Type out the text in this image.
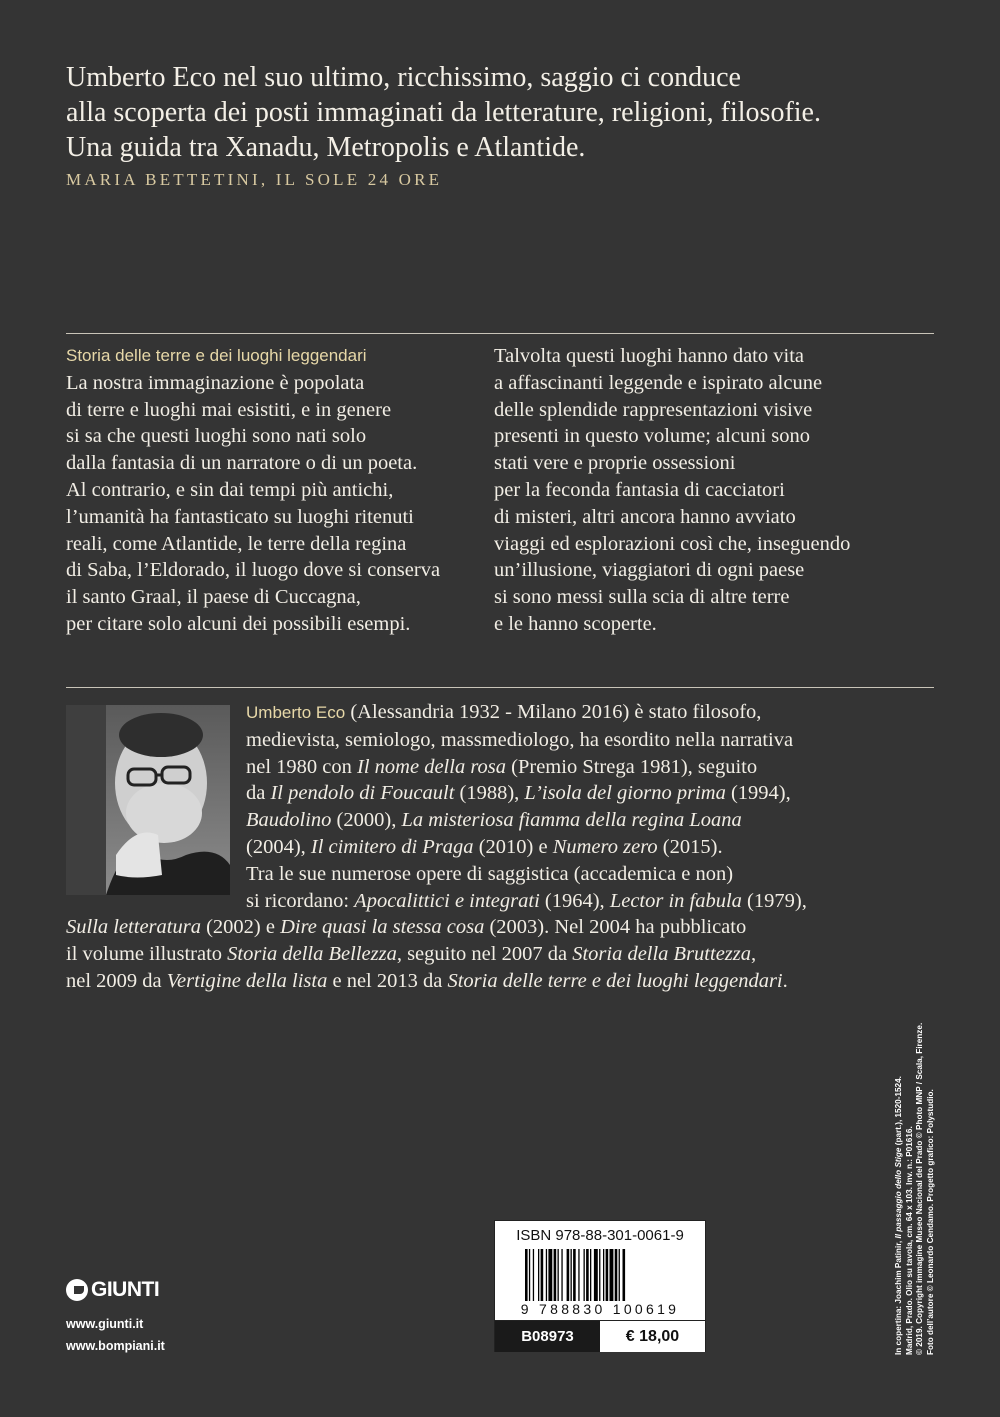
Umberto Eco nel suo ultimo, ricchissimo, saggio ci conduce
alla scoperta dei posti immaginati da letterature, religioni, filosofie.
Una guida tra Xanadu, Metropolis e Atlantide.
MARIA BETTETINI, IL SOLE 24 ORE
Storia delle terre e dei luoghi leggendari
La nostra immaginazione è popolata
di terre e luoghi mai esistiti, e in genere
si sa che questi luoghi sono nati solo
dalla fantasia di un narratore o di un poeta.
Al contrario, e sin dai tempi più antichi,
l’umanità ha fantasticato su luoghi ritenuti
reali, come Atlantide, le terre della regina
di Saba, l’Eldorado, il luogo dove si conserva
il santo Graal, il paese di Cuccagna,
per citare solo alcuni dei possibili esempi.
Talvolta questi luoghi hanno dato vita
a affascinanti leggende e ispirato alcune
delle splendide rappresentazioni visive
presenti in questo volume; alcuni sono
stati vere e proprie ossessioni
per la feconda fantasia di cacciatori
di misteri, altri ancora hanno avviato
viaggi ed esplorazioni così che, inseguendo
un’illusione, viaggiatori di ogni paese
si sono messi sulla scia di altre terre
e le hanno scoperte.
Umberto Eco (Alessandria 1932 - Milano 2016) è stato filosofo,
medievista, semiologo, massmediologo, ha esordito nella narrativa
nel 1980 con Il nome della rosa (Premio Strega 1981), seguito
da Il pendolo di Foucault (1988), L’isola del giorno prima (1994),
Baudolino (2000), La misteriosa fiamma della regina Loana
(2004), Il cimitero di Praga (2010) e Numero zero (2015).
Tra le sue numerose opere di saggistica (accademica e non)
si ricordano: Apocalittici e integrati (1964), Lector in fabula (1979),
Sulla letteratura (2002) e Dire quasi la stessa cosa (2003). Nel 2004 ha pubblicato
il volume illustrato Storia della Bellezza, seguito nel 2007 da Storia della Bruttezza,
nel 2009 da Vertigine della lista e nel 2013 da Storia delle terre e dei luoghi leggendari.
GIUNTI
www.giunti.it
www.bompiani.it
ISBN 978-88-301-0061-9
9 788830 100619
B08973	€ 18,00	In copertina: Joachim Patinir, Il passaggio dello Stige (part.), 1520-1524.
Madrid, Prado. Olio su tavola, cm. 64 x 103. Inv. n.: P01616. © 2019. Copyright immagine Museo Nacional del Prado © Photo MNP / Scala, Firenze. Foto dell’autore © Leonardo Cendamo. Progetto grafico: Polystudio.
